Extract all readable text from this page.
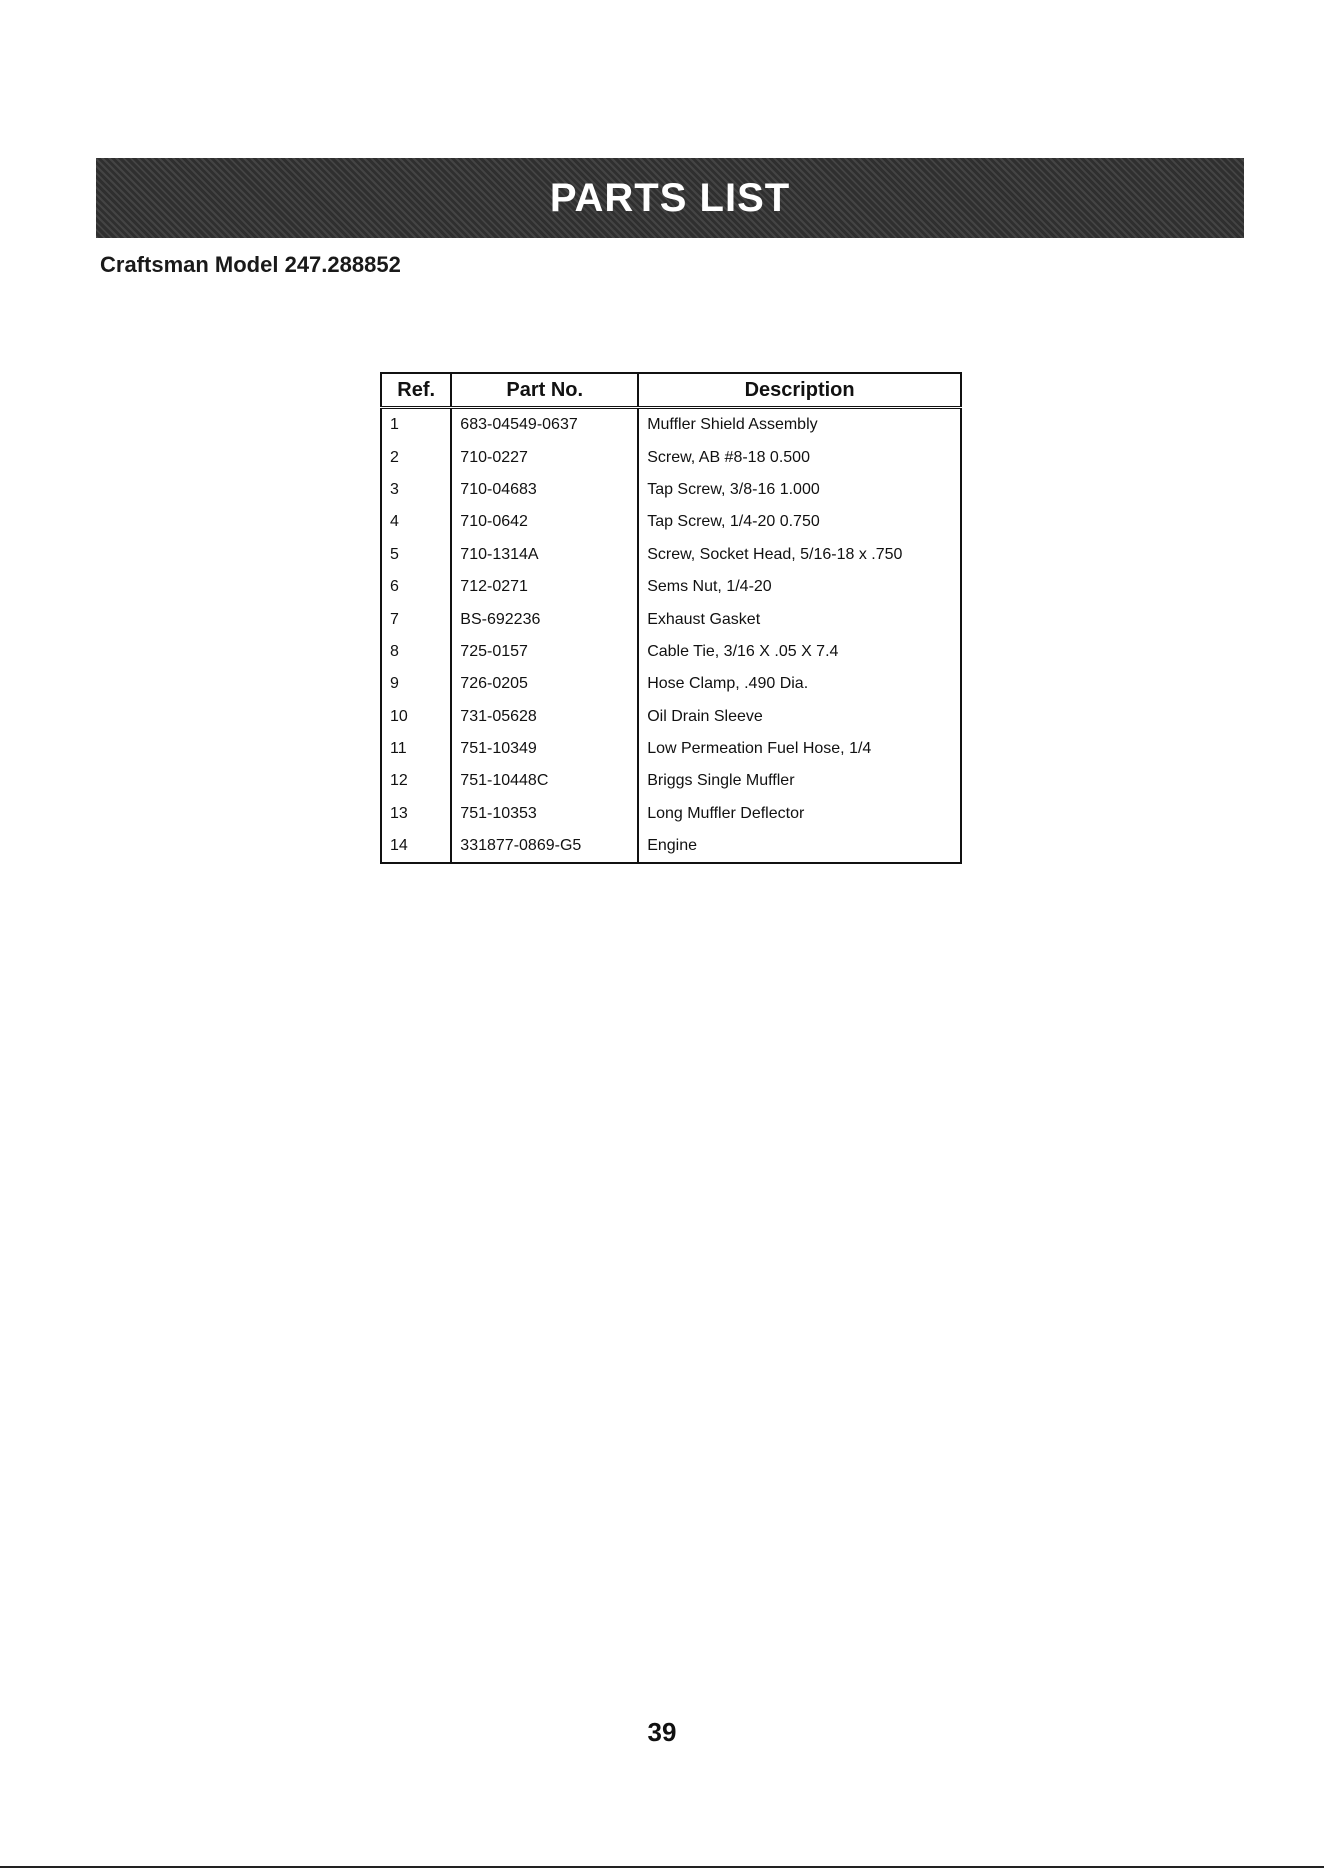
PARTS LIST
Craftsman Model 247.288852
Ref.	Part No.	Description
1	683-04549-0637	Muffler Shield Assembly
2	710-0227	Screw, AB #8-18 0.500
3	710-04683	Tap Screw, 3/8-16 1.000
4	710-0642	Tap Screw, 1/4-20 0.750
5	710-1314A	Screw, Socket Head, 5/16-18 x .750
6	712-0271	Sems Nut, 1/4-20
7	BS-692236	Exhaust Gasket
8	725-0157	Cable Tie, 3/16 X .05 X 7.4
9	726-0205	Hose Clamp, .490 Dia.
10	731-05628	Oil Drain Sleeve
11	751-10349	Low Permeation Fuel Hose, 1/4
12	751-10448C	Briggs Single Muffler
13	751-10353	Long Muffler Deflector
14	331877-0869-G5	Engine
39
